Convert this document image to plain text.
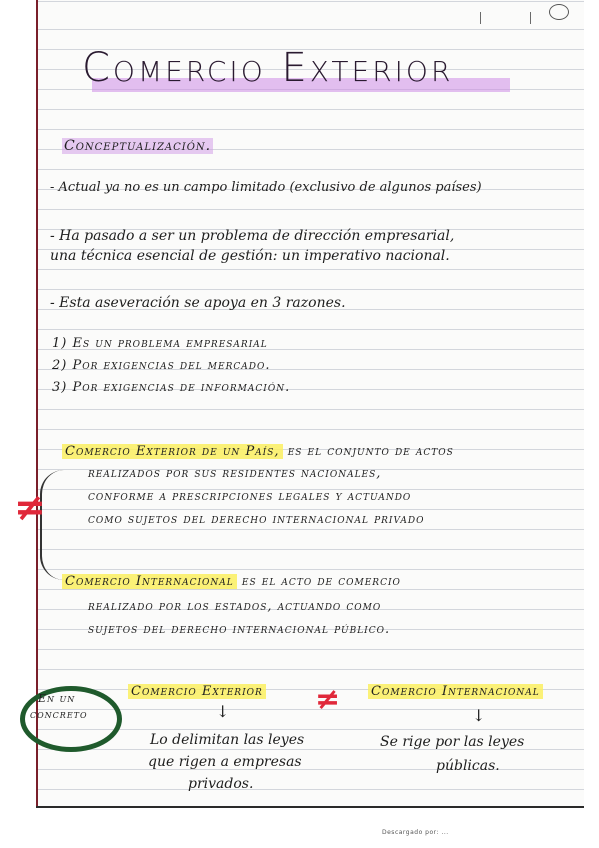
Comercio Exterior
Conceptualización.
- Actual ya no es un campo limitado (exclusivo de algunos países)
- Ha pasado a ser un problema de dirección empresarial,
una técnica esencial de gestión: un imperativo nacional.
- Esta aseveración se apoya en 3 razones.
1) Es un problema empresarial
2) Por exigencias del mercado.
3) Por exigencias de información.
Comercio Exterior de un País, es el conjunto de actos
realizados por sus residentes nacionales,
conforme a prescripciones legales y actuando
como sujetos del derecho internacional privado
≠
Comercio Internacional es el acto de comercio
realizado por los estados, actuando como
sujetos del derecho internacional público.
En un
concreto
Comercio Exterior
↓
Lo delimitan las leyes
que rigen a empresas
privados.
≠ Comercio Internacional
↓
Se rige por las leyes
públicas.
Descargado por: ...
